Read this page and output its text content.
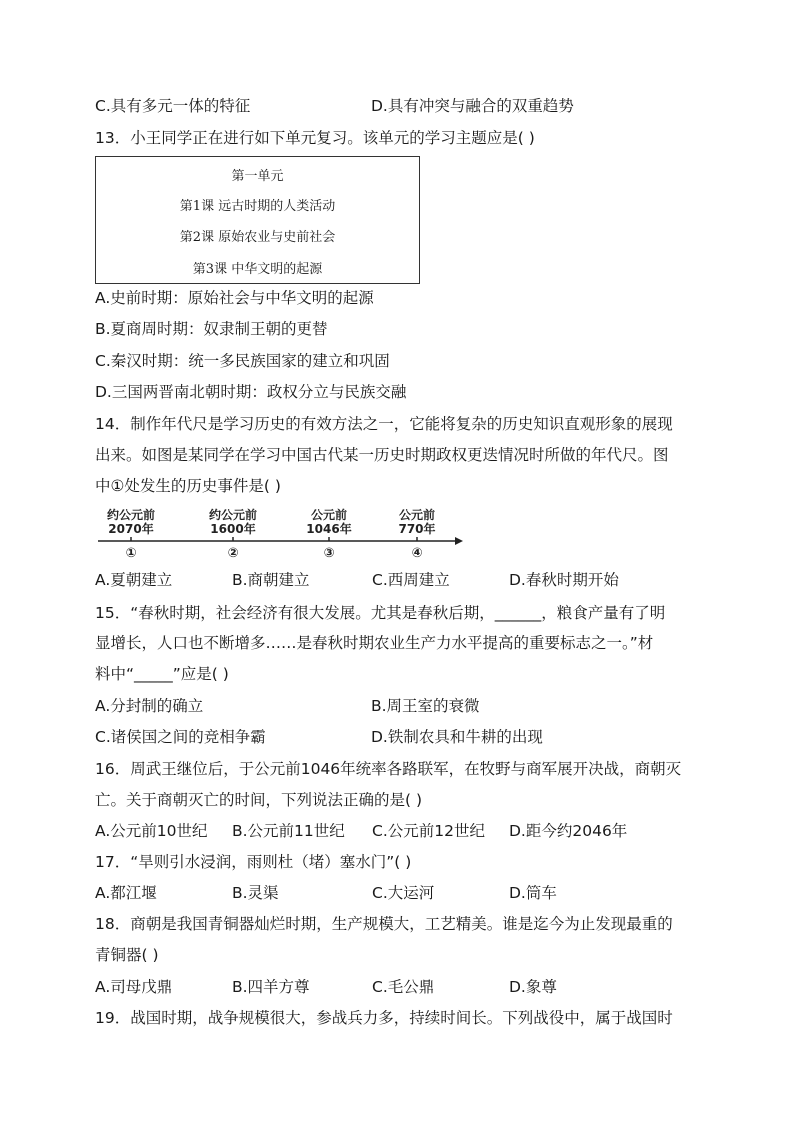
C.具有多元一体的特征	D.具有冲突与融合的双重趋势
13．小王同学正在进行如下单元复习。该单元的学习主题应是( )
第一单元
第1课 远古时期的人类活动
第2课 原始农业与史前社会
第3课 中华文明的起源
A.史前时期：原始社会与中华文明的起源
B.夏商周时期：奴隶制王朝的更替
C.秦汉时期：统一多民族国家的建立和巩固
D.三国两晋南北朝时期：政权分立与民族交融
14．制作年代尺是学习历史的有效方法之一，它能将复杂的历史知识直观形象的展现
出来。如图是某同学在学习中国古代某一历史时期政权更迭情况时所做的年代尺。图
中①处发生的历史事件是( )
约公元前
2070年
①
约公元前
1600年
②
公元前
1046年
③
公元前
770年
④
A.夏朝建立	B.商朝建立	C.西周建立	D.春秋时期开始
15．“春秋时期，社会经济有很大发展。尤其是春秋后期，______，粮食产量有了明
显增长，人口也不断增多……是春秋时期农业生产力水平提高的重要标志之一。”材
料中“_____”应是( )
A.分封制的确立	B.周王室的衰微
C.诸侯国之间的竞相争霸	D.铁制农具和牛耕的出现
16．周武王继位后，于公元前1046年统率各路联军，在牧野与商军展开决战，商朝灭
亡。关于商朝灭亡的时间，下列说法正确的是( )
A.公元前10世纪 B.公元前11世纪 C.公元前12世纪 D.距今约2046年
17．“旱则引水浸润，雨则杜（堵）塞水门”( )
A.都江堰	B.灵渠	C.大运河	D.筒车
18．商朝是我国青铜器灿烂时期，生产规模大，工艺精美。谁是迄今为止发现最重的
青铜器( )
A.司母戊鼎	B.四羊方尊	C.毛公鼎	D.象尊
19．战国时期，战争规模很大，参战兵力多，持续时间长。下列战役中，属于战国时
